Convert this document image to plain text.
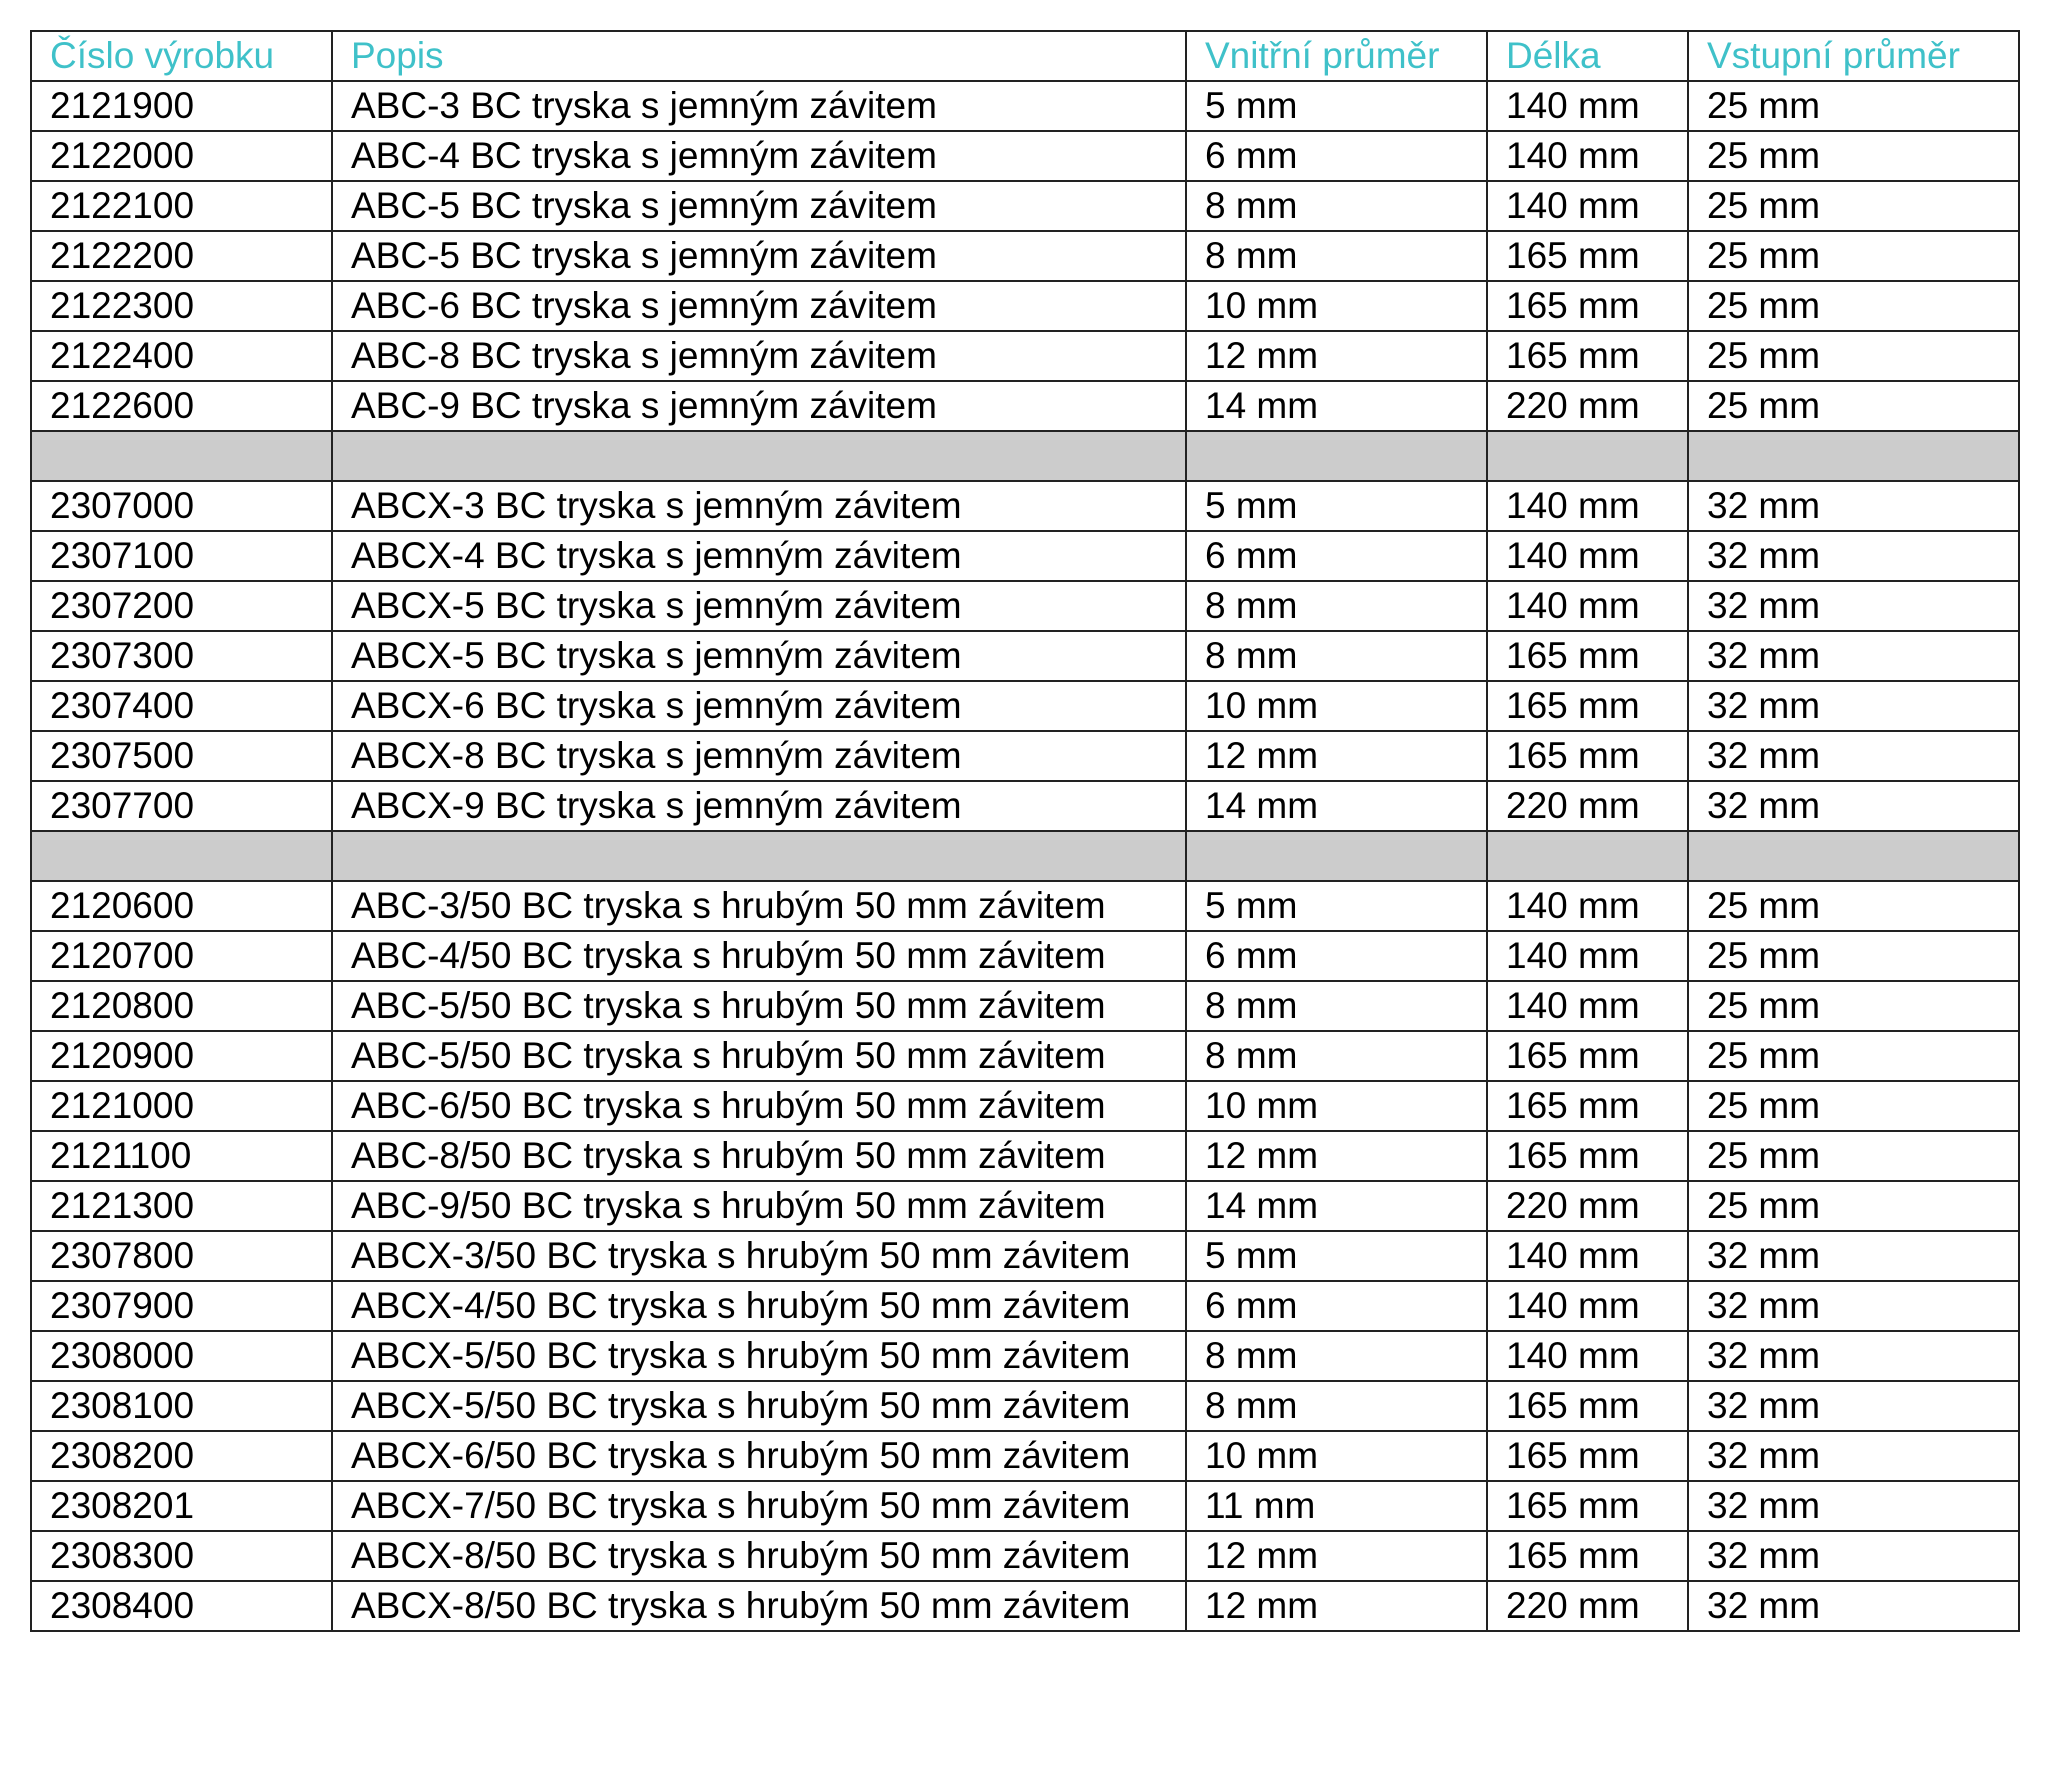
Číslo výrobku	Popis	Vnitřní průměr	Délka	Vstupní průměr
2121900	ABC-3 BC tryska s jemným závitem	5 mm	140 mm	25 mm
2122000	ABC-4 BC tryska s jemným závitem	6 mm	140 mm	25 mm
2122100	ABC-5 BC tryska s jemným závitem	8 mm	140 mm	25 mm
2122200	ABC-5 BC tryska s jemným závitem	8 mm	165 mm	25 mm
2122300	ABC-6 BC tryska s jemným závitem	10 mm	165 mm	25 mm
2122400	ABC-8 BC tryska s jemným závitem	12 mm	165 mm	25 mm
2122600	ABC-9 BC tryska s jemným závitem	14 mm	220 mm	25 mm

2307000	ABCX-3 BC tryska s jemným závitem	5 mm	140 mm	32 mm
2307100	ABCX-4 BC tryska s jemným závitem	6 mm	140 mm	32 mm
2307200	ABCX-5 BC tryska s jemným závitem	8 mm	140 mm	32 mm
2307300	ABCX-5 BC tryska s jemným závitem	8 mm	165 mm	32 mm
2307400	ABCX-6 BC tryska s jemným závitem	10 mm	165 mm	32 mm
2307500	ABCX-8 BC tryska s jemným závitem	12 mm	165 mm	32 mm
2307700	ABCX-9 BC tryska s jemným závitem	14 mm	220 mm	32 mm

2120600	ABC-3/50 BC tryska s hrubým 50 mm závitem	5 mm	140 mm	25 mm
2120700	ABC-4/50 BC tryska s hrubým 50 mm závitem	6 mm	140 mm	25 mm
2120800	ABC-5/50 BC tryska s hrubým 50 mm závitem	8 mm	140 mm	25 mm
2120900	ABC-5/50 BC tryska s hrubým 50 mm závitem	8 mm	165 mm	25 mm
2121000	ABC-6/50 BC tryska s hrubým 50 mm závitem	10 mm	165 mm	25 mm
2121100	ABC-8/50 BC tryska s hrubým 50 mm závitem	12 mm	165 mm	25 mm
2121300	ABC-9/50 BC tryska s hrubým 50 mm závitem	14 mm	220 mm	25 mm
2307800	ABCX-3/50 BC tryska s hrubým 50 mm závitem	5 mm	140 mm	32 mm
2307900	ABCX-4/50 BC tryska s hrubým 50 mm závitem	6 mm	140 mm	32 mm
2308000	ABCX-5/50 BC tryska s hrubým 50 mm závitem	8 mm	140 mm	32 mm
2308100	ABCX-5/50 BC tryska s hrubým 50 mm závitem	8 mm	165 mm	32 mm
2308200	ABCX-6/50 BC tryska s hrubým 50 mm závitem	10 mm	165 mm	32 mm
2308201	ABCX-7/50 BC tryska s hrubým 50 mm závitem	11 mm	165 mm	32 mm
2308300	ABCX-8/50 BC tryska s hrubým 50 mm závitem	12 mm	165 mm	32 mm
2308400	ABCX-8/50 BC tryska s hrubým 50 mm závitem	12 mm	220 mm	32 mm
